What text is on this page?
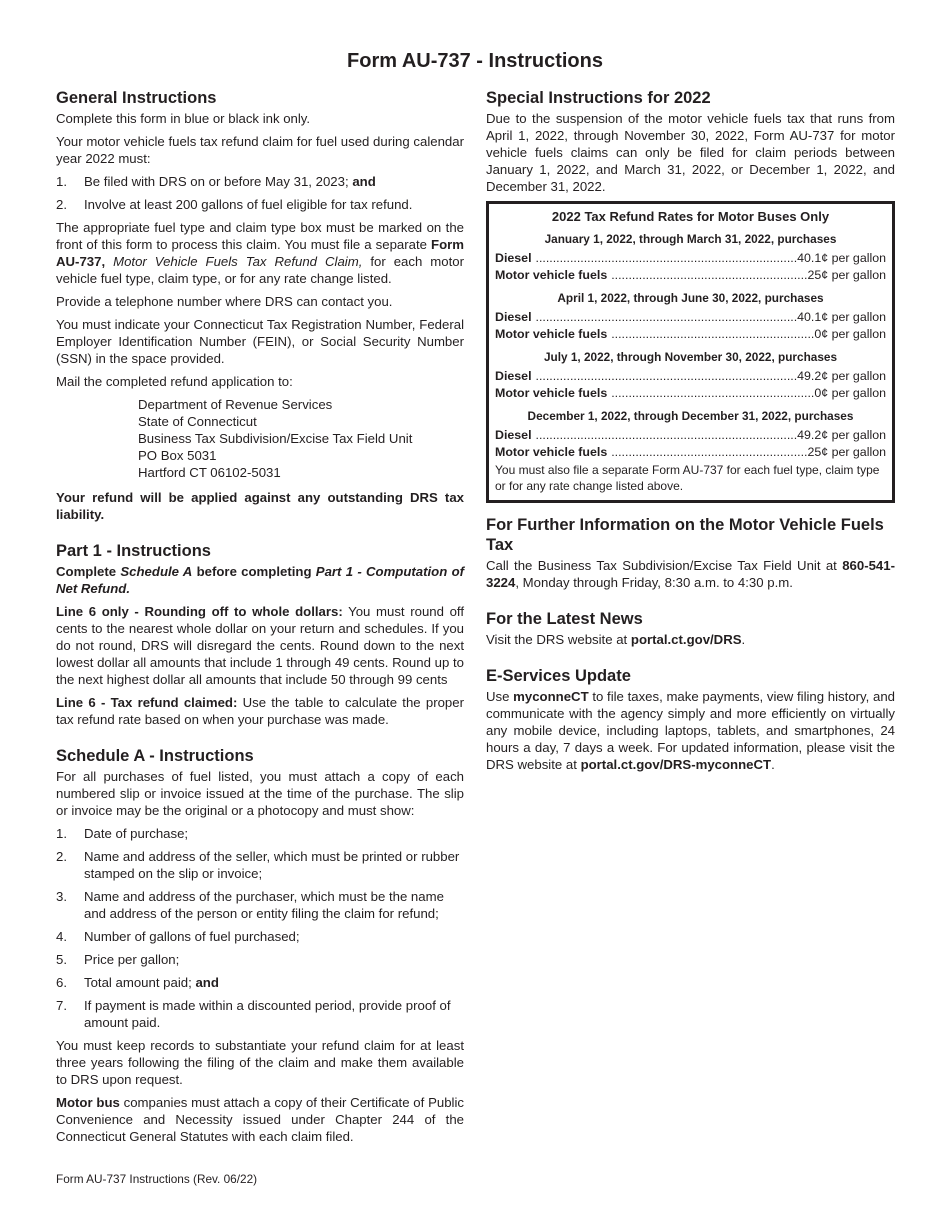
Form AU-737 - Instructions
General Instructions

Complete this form in blue or black ink only.

Your motor vehicle fuels tax refund claim for fuel used during calendar year 2022 must:

1.	Be filed with DRS on or before May 31, 2023; and
2.	Involve at least 200 gallons of fuel eligible for tax refund.

The appropriate fuel type and claim type box must be marked on the front of this form to process this claim. You must file a separate Form AU-737, Motor Vehicle Fuels Tax Refund Claim, for each motor vehicle fuel type, claim type, or for any rate change listed.

Provide a telephone number where DRS can contact you.

You must indicate your Connecticut Tax Registration Number, Federal Employer Identification Number (FEIN), or Social Security Number (SSN) in the space provided.

Mail the completed refund application to:

Department of Revenue Services
State of Connecticut
Business Tax Subdivision/Excise Tax Field Unit
PO Box 5031
Hartford CT 06102-5031

Your refund will be applied against any outstanding DRS tax liability.

Part 1 - Instructions

Complete Schedule A before completing Part 1 - Computation of Net Refund.

Line 6 only - Rounding off to whole dollars: You must round off cents to the nearest whole dollar on your return and schedules. If you do not round, DRS will disregard the cents. Round down to the next lowest dollar all amounts that include 1 through 49 cents. Round up to the next highest dollar all amounts that include 50 through 99 cents

Line 6 - Tax refund claimed: Use the table to calculate the proper tax refund rate based on when your purchase was made.

Schedule A - Instructions

For all purchases of fuel listed, you must attach a copy of each numbered slip or invoice issued at the time of the purchase. The slip or invoice may be the original or a photocopy and must show:

1.	Date of purchase;
2.	Name and address of the seller, which must be printed or rubber stamped on the slip or invoice;
3.	Name and address of the purchaser, which must be the name and address of the person or entity filing the claim for refund;
4.	Number of gallons of fuel purchased;
5.	Price per gallon;
6.	Total amount paid; and
7.	If payment is made within a discounted period, provide proof of amount paid.

You must keep records to substantiate your refund claim for at least three years following the filing of the claim and make them available to DRS upon request.

Motor bus companies must attach a copy of their Certificate of Public Convenience and Necessity issued under Chapter 244 of the Connecticut General Statutes with each claim filed.

Special Instructions for 2022

Due to the suspension of the motor vehicle fuels tax that runs from April 1, 2022, through November 30, 2022, Form AU-737 for motor vehicle fuels claims can only be filed for claim periods between January 1, 2022, and March 31, 2022, or December 1, 2022, and December 31, 2022.

2022 Tax Refund Rates for Motor Buses Only
January 1, 2022, through March 31, 2022, purchases
Diesel .....	40.1¢ per gallon
Motor vehicle fuels .....	25¢ per gallon
April 1, 2022, through June 30, 2022, purchases
Diesel .....	40.1¢ per gallon
Motor vehicle fuels .....	0¢ per gallon
July 1, 2022, through November 30, 2022, purchases
Diesel .....	49.2¢ per gallon
Motor vehicle fuels .....	0¢ per gallon
December 1, 2022, through December 31, 2022, purchases
Diesel .....	49.2¢ per gallon
Motor vehicle fuels .....	25¢ per gallon
You must also file a separate Form AU-737 for each fuel type, claim type or for any rate change listed above.
For Further Information on the Motor Vehicle Fuels Tax

Call the Business Tax Subdivision/Excise Tax Field Unit at 860-541-3224, Monday through Friday, 8:30 a.m. to 4:30 p.m.

For the Latest News

Visit the DRS website at portal.ct.gov/DRS.

E-Services Update

Use myconneCT to file taxes, make payments, view filing history, and communicate with the agency simply and more efficiently on virtually any mobile device, including laptops, tablets, and smartphones, 24 hours a day, 7 days a week. For updated information, please visit the DRS website at portal.ct.gov/DRS-myconneCT.

Form AU-737 Instructions (Rev. 06/22)
